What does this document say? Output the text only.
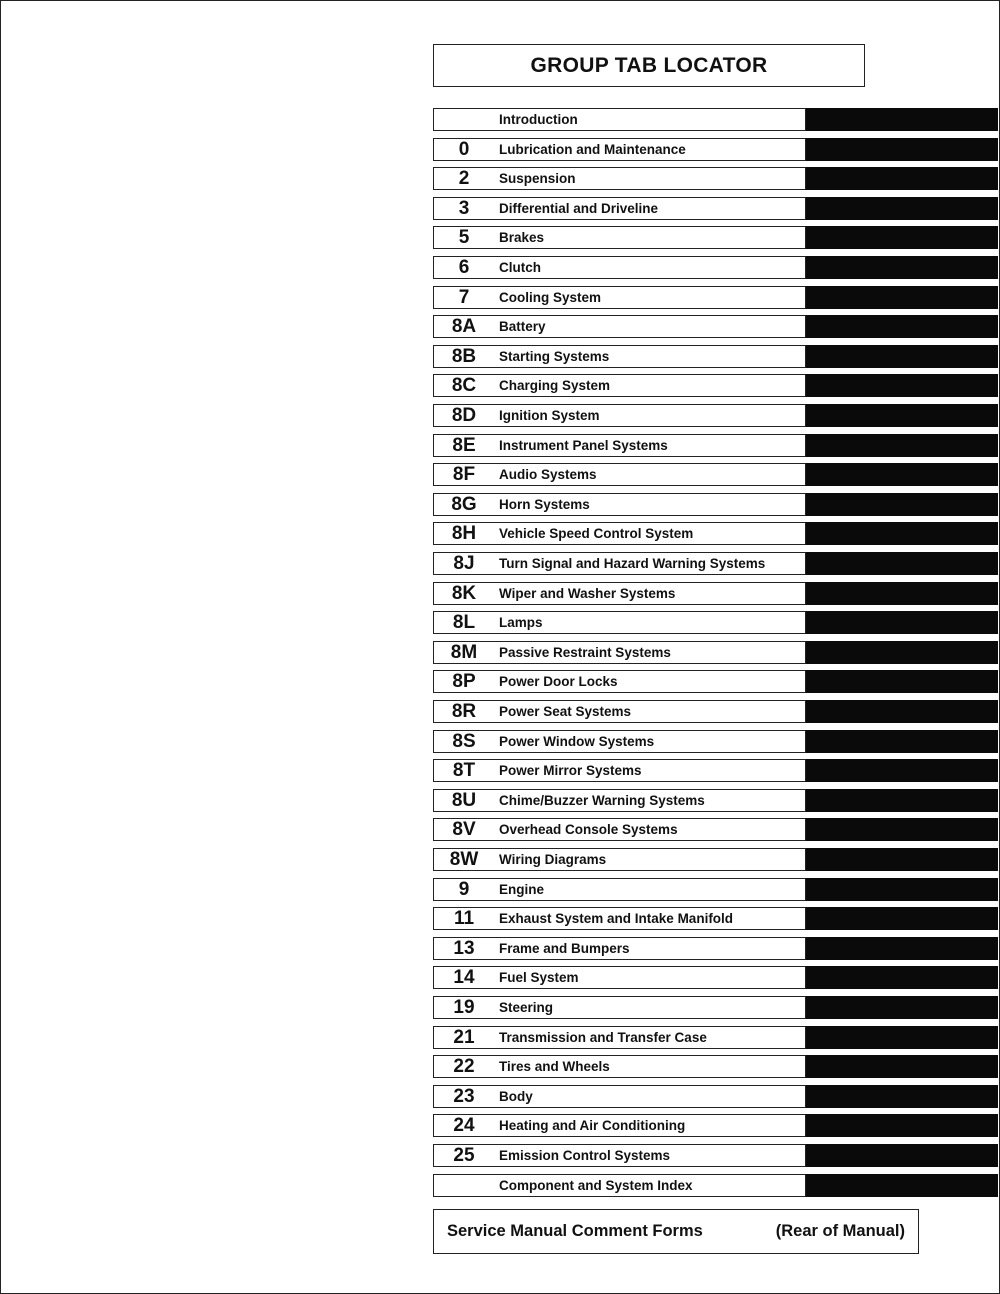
GROUP TAB LOCATOR
Introduction
0	Lubrication and Maintenance
2	Suspension
3	Differential and Driveline
5	Brakes
6	Clutch
7	Cooling System
8A	Battery
8B	Starting Systems
8C	Charging System
8D	Ignition System
8E	Instrument Panel Systems
8F	Audio Systems
8G	Horn Systems
8H	Vehicle Speed Control System
8J	Turn Signal and Hazard Warning Systems
8K	Wiper and Washer Systems
8L	Lamps
8M	Passive Restraint Systems
8P	Power Door Locks
8R	Power Seat Systems
8S	Power Window Systems
8T	Power Mirror Systems
8U	Chime/Buzzer Warning Systems
8V	Overhead Console Systems
8W	Wiring Diagrams
9	Engine
11	Exhaust System and Intake Manifold
13	Frame and Bumpers
14	Fuel System
19	Steering
21	Transmission and Transfer Case
22	Tires and Wheels
23	Body
24	Heating and Air Conditioning
25	Emission Control Systems
Component and System Index
Service Manual Comment Forms	(Rear of Manual)
